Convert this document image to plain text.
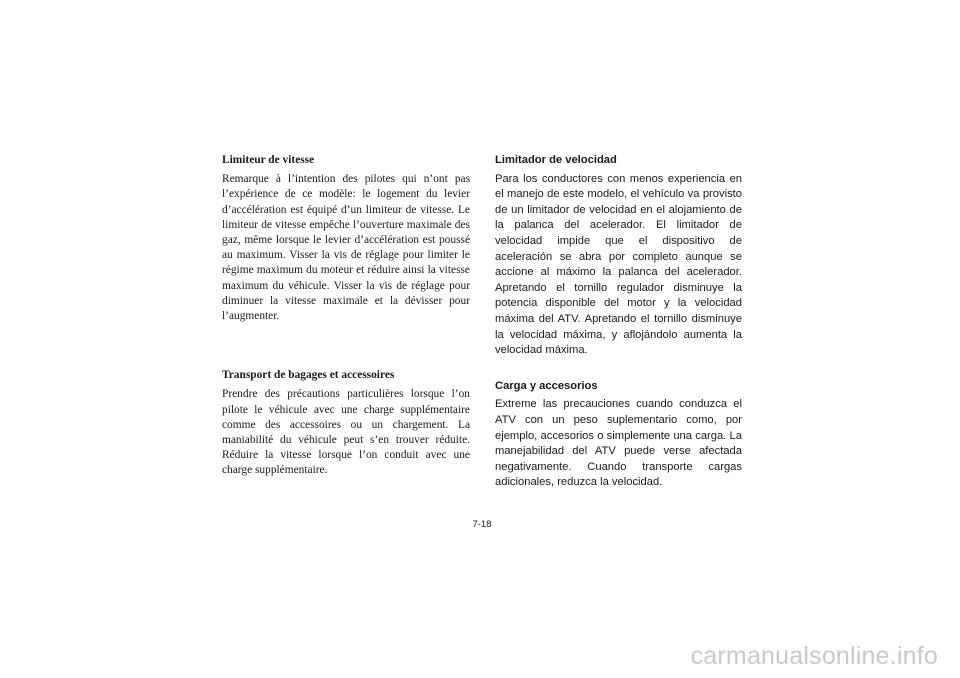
Limiteur de vitesse

Remarque à l’intention des pilotes qui n’ont pas l’expérience de ce modèle: le logement du levier d’accélération est équipé d’un limiteur de vitesse. Le limiteur de vitesse empêche l’ouverture maximale des gaz, même lorsque le levier d’accélération est poussé au maximum. Visser la vis de réglage pour limiter le régime maximum du moteur et réduire ainsi la vitesse maximum du véhicule. Visser la vis de réglage pour diminuer la vitesse maximale et la dévisser pour l’augmenter.

Transport de bagages et accessoires

Prendre des précautions particulières lorsque l’on pilote le véhicule avec une charge supplémentaire comme des accessoires ou un chargement. La maniabilité du véhicule peut s’en trouver réduite. Réduire la vitesse lorsque l’on conduit avec une charge supplémentaire.

Limitador de velocidad

Para los conductores con menos experiencia en el manejo de este modelo, el vehículo va provisto de un limitador de velocidad en el alojamiento de la palanca del acelerador. El limitador de velocidad impide que el dispositivo de aceleración se abra por completo aunque se accione al máximo la palanca del acelerador. Apretando el tornillo regulador disminuye la potencia disponible del motor y la velocidad máxima del ATV. Apretando el tornillo disminuye la velocidad máxima, y aflojándolo aumenta la velocidad máxima.

Carga y accesorios

Extreme las precauciones cuando conduzca el ATV con un peso suplementario como, por ejemplo, accesorios o simplemente una carga. La manejabilidad del ATV puede verse afectada negativamente. Cuando transporte cargas adicionales, reduzca la velocidad.

7-18
carmanualsonline.info
